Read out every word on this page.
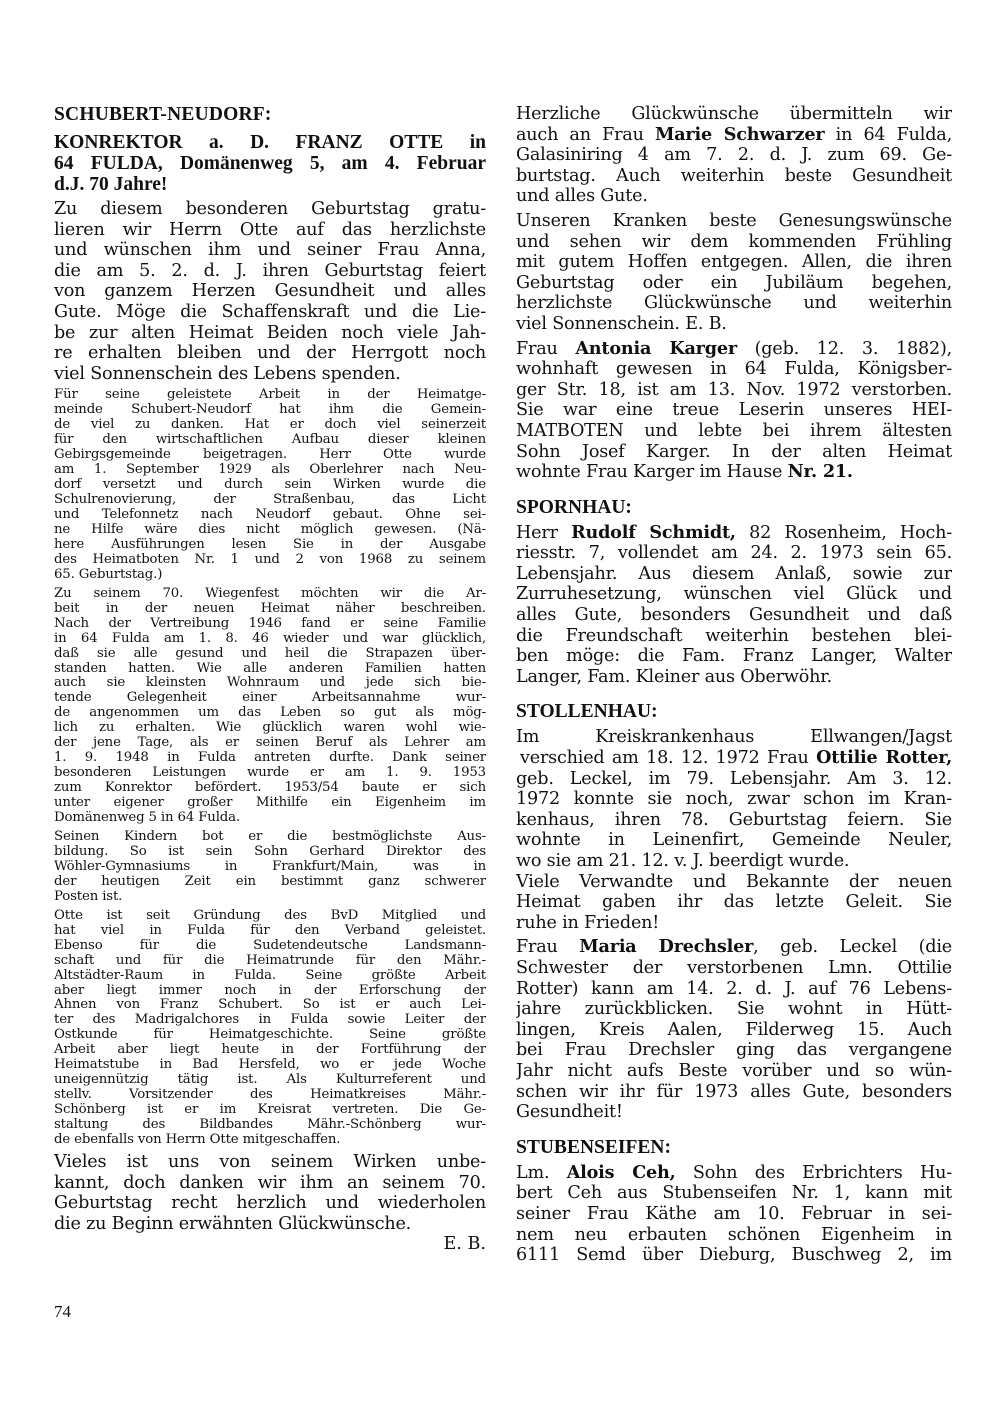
SCHUBERT-NEUDORF:
KONREKTOR a. D. FRANZ OTTE in
64 FULDA, Domänenweg 5, am 4. Februar
d.J. 70 Jahre!
Zu diesem besonderen Geburtstag gratu-
lieren wir Herrn Otte auf das herzlichste
und wünschen ihm und seiner Frau Anna,
die am 5. 2. d. J. ihren Geburtstag feiert
von ganzem Herzen Gesundheit und alles
Gute. Möge die Schaffenskraft und die Lie-
be zur alten Heimat Beiden noch viele Jah-
re erhalten bleiben und der Herrgott noch
viel Sonnenschein des Lebens spenden.
Für seine geleistete Arbeit in der Heimatge-
meinde Schubert-Neudorf hat ihm die Gemein-
de viel zu danken. Hat er doch viel seinerzeit
für den wirtschaftlichen Aufbau dieser kleinen
Gebirgsgemeinde beigetragen. Herr Otte wurde
am 1. September 1929 als Oberlehrer nach Neu-
dorf versetzt und durch sein Wirken wurde die
Schulrenovierung, der Straßenbau, das Licht
und Telefonnetz nach Neudorf gebaut. Ohne sei-
ne Hilfe wäre dies nicht möglich gewesen. (Nä-
here Ausführungen lesen Sie in der Ausgabe
des Heimatboten Nr. 1 und 2 von 1968 zu seinem
65. Geburtstag.)
Zu seinem 70. Wiegenfest möchten wir die Ar-
beit in der neuen Heimat näher beschreiben.
Nach der Vertreibung 1946 fand er seine Familie
in 64 Fulda am 1. 8. 46 wieder und war glücklich,
daß sie alle gesund und heil die Strapazen über-
standen hatten. Wie alle anderen Familien hatten
auch sie kleinsten Wohnraum und jede sich bie-
tende Gelegenheit einer Arbeitsannahme wur-
de angenommen um das Leben so gut als mög-
lich zu erhalten. Wie glücklich waren wohl wie-
der jene Tage, als er seinen Beruf als Lehrer am
1. 9. 1948 in Fulda antreten durfte. Dank seiner
besonderen Leistungen wurde er am 1. 9. 1953
zum Konrektor befördert. 1953/54 baute er sich
unter eigener großer Mithilfe ein Eigenheim im
Domänenweg 5 in 64 Fulda.
Seinen Kindern bot er die bestmöglichste Aus-
bildung. So ist sein Sohn Gerhard Direktor des
Wöhler-Gymnasiums in Frankfurt/Main, was in
der heutigen Zeit ein bestimmt ganz schwerer
Posten ist.
Otte ist seit Gründung des BvD Mitglied und
hat viel in Fulda für den Verband geleistet.
Ebenso für die Sudetendeutsche Landsmann-
schaft und für die Heimatrunde für den Mähr.-
Altstädter-Raum in Fulda. Seine größte Arbeit
aber liegt immer noch in der Erforschung der
Ahnen von Franz Schubert. So ist er auch Lei-
ter des Madrigalchores in Fulda sowie Leiter der
Ostkunde für Heimatgeschichte. Seine größte
Arbeit aber liegt heute in der Fortführung der
Heimatstube in Bad Hersfeld, wo er jede Woche
uneigennützig tätig ist. Als Kulturreferent und
stellv. Vorsitzender des Heimatkreises Mähr.-
Schönberg ist er im Kreisrat vertreten. Die Ge-
staltung des Bildbandes Mähr.-Schönberg wur-
de ebenfalls von Herrn Otte mitgeschaffen.
Vieles ist uns von seinem Wirken unbe-
kannt, doch danken wir ihm an seinem 70.
Geburtstag recht herzlich und wiederholen
die zu Beginn erwähnten Glückwünsche.
E. B.
Herzliche Glückwünsche übermitteln wir
auch an Frau Marie Schwarzer in 64 Fulda,
Galasiniring 4 am 7. 2. d. J. zum 69. Ge-
burtstag. Auch weiterhin beste Gesundheit
und alles Gute.
Unseren Kranken beste Genesungswünsche
und sehen wir dem kommenden Frühling
mit gutem Hoffen entgegen. Allen, die ihren
Geburtstag oder ein Jubiläum begehen,
herzlichste Glückwünsche und weiterhin
viel Sonnenschein. E. B.
Frau Antonia Karger (geb. 12. 3. 1882),
wohnhaft gewesen in 64 Fulda, Königsber-
ger Str. 18, ist am 13. Nov. 1972 verstorben.
Sie war eine treue Leserin unseres HEI-
MATBOTEN und lebte bei ihrem ältesten
Sohn Josef Karger. In der alten Heimat
wohnte Frau Karger im Hause Nr. 21.
SPORNHAU:
Herr Rudolf Schmidt, 82 Rosenheim, Hoch-
riesstr. 7, vollendet am 24. 2. 1973 sein 65.
Lebensjahr. Aus diesem Anlaß, sowie zur
Zurruhesetzung, wünschen viel Glück und
alles Gute, besonders Gesundheit und daß
die Freundschaft weiterhin bestehen blei-
ben möge: die Fam. Franz Langer, Walter
Langer, Fam. Kleiner aus Oberwöhr.
STOLLENHAU:
Im Kreiskrankenhaus Ellwangen/Jagst
verschied am 18. 12. 1972 Frau Ottilie Rotter,
geb. Leckel, im 79. Lebensjahr. Am 3. 12.
1972 konnte sie noch, zwar schon im Kran-
kenhaus, ihren 78. Geburtstag feiern. Sie
wohnte in Leinenfirt, Gemeinde Neuler,
wo sie am 21. 12. v. J. beerdigt wurde.
Viele Verwandte und Bekannte der neuen
Heimat gaben ihr das letzte Geleit. Sie
ruhe in Frieden!
Frau Maria Drechsler, geb. Leckel (die
Schwester der verstorbenen Lmn. Ottilie
Rotter) kann am 14. 2. d. J. auf 76 Lebens-
jahre zurückblicken. Sie wohnt in Hütt-
lingen, Kreis Aalen, Filderweg 15. Auch
bei Frau Drechsler ging das vergangene
Jahr nicht aufs Beste vorüber und so wün-
schen wir ihr für 1973 alles Gute, besonders
Gesundheit!
STUBENSEIFEN:
Lm. Alois Ceh, Sohn des Erbrichters Hu-
bert Ceh aus Stubenseifen Nr. 1, kann mit
seiner Frau Käthe am 10. Februar in sei-
nem neu erbauten schönen Eigenheim in
6111 Semd über Dieburg, Buschweg 2, im
74
